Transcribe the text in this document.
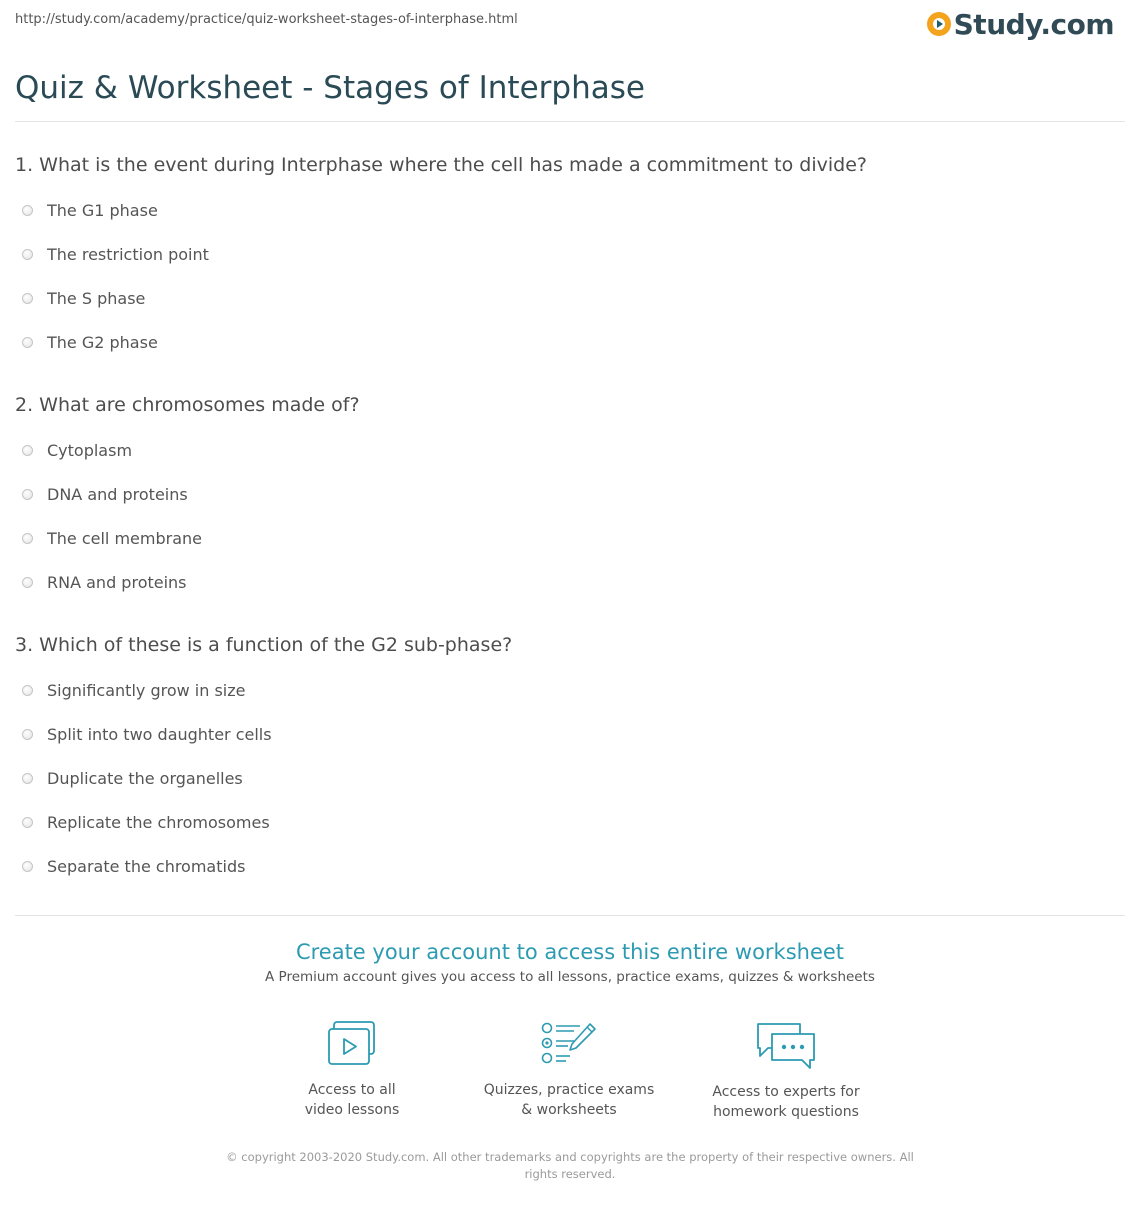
http://study.com/academy/practice/quiz-worksheet-stages-of-interphase.html	Study.com
Quiz & Worksheet - Stages of Interphase
1. What is the event during Interphase where the cell has made a commitment to divide?
The G1 phase
The restriction point
The S phase
The G2 phase
2. What are chromosomes made of?
Cytoplasm
DNA and proteins
The cell membrane
RNA and proteins
3. Which of these is a function of the G2 sub-phase?
Significantly grow in size
Split into two daughter cells
Duplicate the organelles
Replicate the chromosomes
Separate the chromatids
Create your account to access this entire worksheet
A Premium account gives you access to all lessons, practice exams, quizzes & worksheets
Access to all
video lessons
Quizzes, practice exams
& worksheets
Access to experts for
homework questions
© copyright 2003-2020 Study.com. All other trademarks and copyrights are the property of their respective owners. All rights reserved.
